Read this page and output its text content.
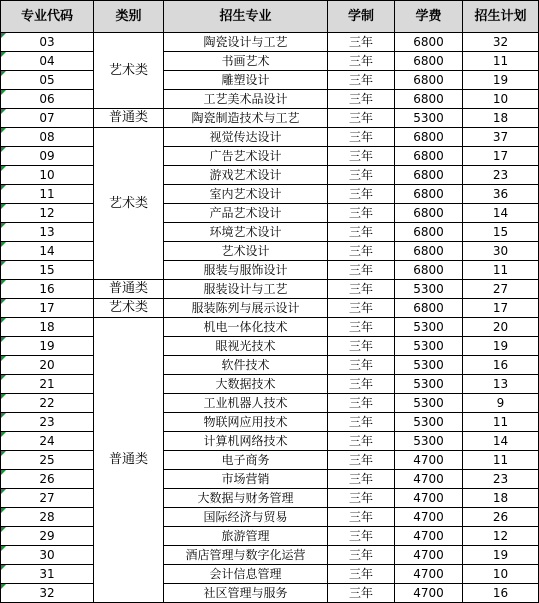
专业代码	类别	招生专业	学制	学费	招生计划

03	艺术类	陶瓷设计与工艺	三年	6800	32

04		书画艺术	三年	6800	11

05		雕塑设计	三年	6800	19

06		工艺美术品设计	三年	6800	10

07	普通类	陶瓷制造技术与工艺	三年	5300	18

08	艺术类	视觉传达设计	三年	6800	37

09		广告艺术设计	三年	6800	17

10		游戏艺术设计	三年	6800	23

11		室内艺术设计	三年	6800	36

12		产品艺术设计	三年	6800	14

13		环境艺术设计	三年	6800	15

14		艺术设计	三年	6800	30

15		服装与服饰设计	三年	6800	11

16	普通类	服装设计与工艺	三年	5300	27

17	艺术类	服装陈列与展示设计	三年	6800	17

18	普通类	机电一体化技术	三年	5300	20

19		眼视光技术	三年	5300	19

20		软件技术	三年	5300	16

21		大数据技术	三年	5300	13

22		工业机器人技术	三年	5300	9

23		物联网应用技术	三年	5300	11

24		计算机网络技术	三年	5300	14

25		电子商务	三年	4700	11

26		市场营销	三年	4700	23

27		大数据与财务管理	三年	4700	18

28		国际经济与贸易	三年	4700	26

29		旅游管理	三年	4700	12

30		酒店管理与数字化运营	三年	4700	19

31		会计信息管理	三年	4700	10

32		社区管理与服务	三年	4700	16
